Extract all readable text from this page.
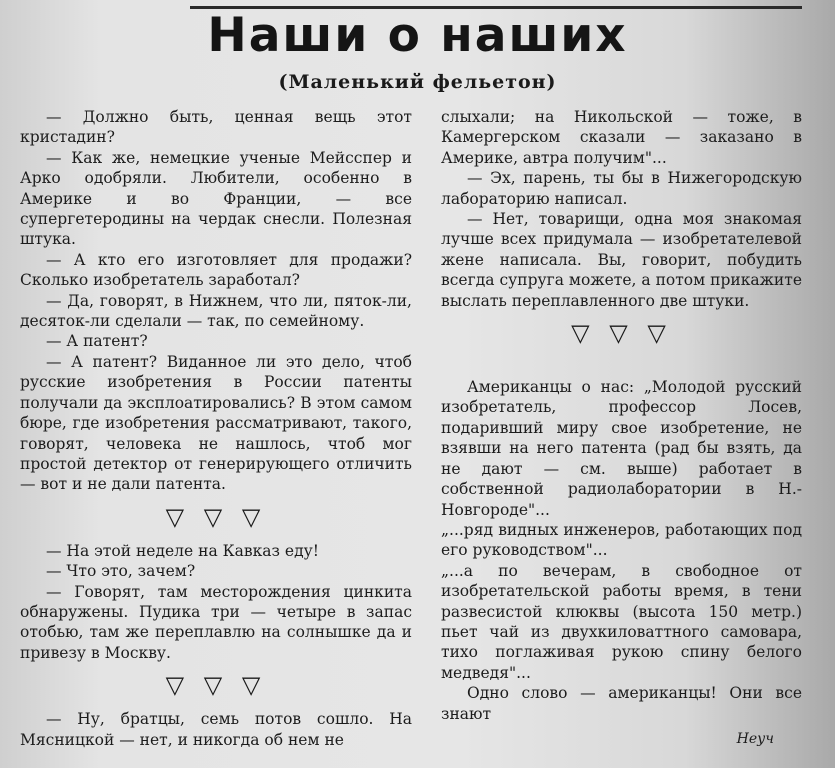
Наши о наших
(Маленький фельетон)

— Должно быть, ценная вещь этот кристадин?

— Как же, немецкие ученые Мейсспер и Арко одобряли. Любители, особенно в Америке и во Франции, — все супергетеродины на чердак снесли. Полезная штука.

— А кто его изготовляет для продажи? Сколько изобретатель заработал?

— Да, говорят, в Нижнем, что ли, пяток-ли, десяток-ли сделали — так, по семейному.

— А патент?

— А патент? Виданное ли это дело, чтоб русские изобретения в России патенты получали да эксплоатировались? В этом самом бюре, где изобретения рассматривают, такого, говорят, человека не нашлось, чтоб мог простой детектор от генерирующего отличить — вот и не дали патента.

▽ ▽ ▽

— На этой неделе на Кавказ еду!

— Что это, зачем?

— Говорят, там месторождения цинкита обнаружены. Пудика три — четыре в запас отобью, там же переплавлю на солнышке да и привезу в Москву.

▽ ▽ ▽

— Ну, братцы, семь потов сошло. На Мясницкой — нет, и никогда об нем не

слыхали; на Никольской — тоже, в Камергерском сказали — заказано в Америке, автра получим"...

— Эх, парень, ты бы в Нижегородскую лабораторию написал.

— Нет, товарищи, одна моя знакомая лучше всех придумала — изобретателевой жене написала. Вы, говорит, побудить всегда супруга можете, а потом прикажите выслать переплавленного две штуки.

▽ ▽ ▽

Американцы о нас: „Молодой русский изобретатель, профессор Лосев, подаривший миру свое изобретение, не взявши на него патента (рад бы взять, да не дают — см. выше) работает в собственной радиолаборатории в Н.-Новгороде"...

„...ряд видных инженеров, работающих под его руководством"...

„...а по вечерам, в свободное от изобретательской работы время, в тени развесистой клюквы (высота 150 метр.) пьет чай из двухкиловаттного самовара, тихо поглаживая рукою спину белого медведя"...

Одно слово — американцы! Они все знают

Неуч
